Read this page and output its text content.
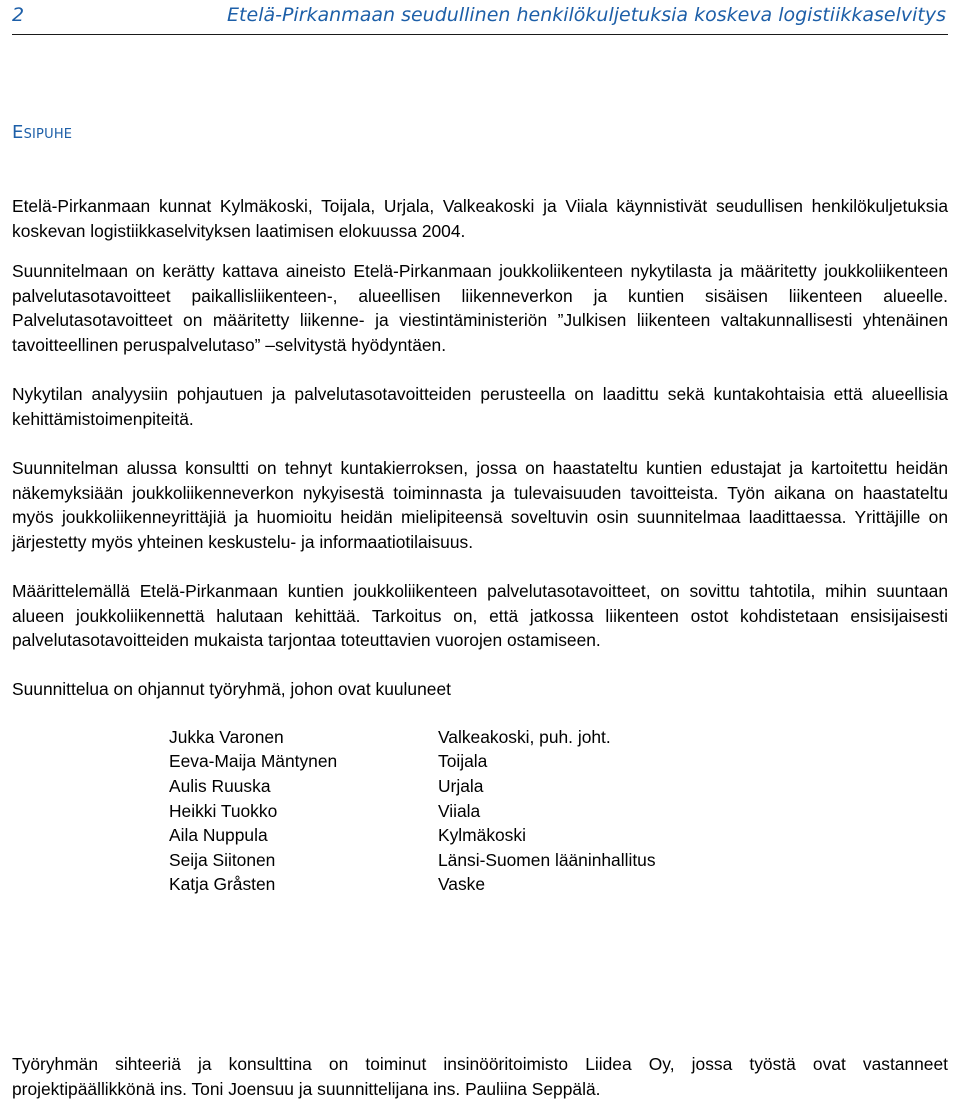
2	Etelä-Pirkanmaan seudullinen henkilökuljetuksia koskeva logistiikkaselvitys
Esipuhe

Etelä-Pirkanmaan kunnat Kylmäkoski, Toijala, Urjala, Valkeakoski ja Viiala käynnistivät seudullisen henkilökuljetuksia koskevan logistiikkaselvityksen laatimisen elokuussa 2004.

Suunnitelmaan on kerätty kattava aineisto Etelä-Pirkanmaan joukkoliikenteen nykytilasta ja määritetty joukkoliikenteen palvelutasotavoitteet paikallisliikenteen-, alueellisen liikenneverkon ja kuntien sisäisen liikenteen alueelle. Palvelutasotavoitteet on määritetty liikenne- ja viestintäministeriön ”Julkisen liikenteen valtakunnallisesti yhtenäinen tavoitteellinen peruspalvelutaso” –selvitystä hyödyntäen.

Nykytilan analyysiin pohjautuen ja palvelutasotavoitteiden perusteella on laadittu sekä kuntakohtaisia että alueellisia kehittämistoimenpiteitä.

Suunnitelman alussa konsultti on tehnyt kuntakierroksen, jossa on haastateltu kuntien edustajat ja kartoitettu heidän näkemyksiään joukkoliikenneverkon nykyisestä toiminnasta ja tulevaisuuden tavoitteista. Työn aikana on haastateltu myös joukkoliikenneyrittäjiä ja huomioitu heidän mielipiteensä soveltuvin osin suunnitelmaa laadittaessa. Yrittäjille on järjestetty myös yhteinen keskustelu- ja informaatiotilaisuus.

Määrittelemällä Etelä-Pirkanmaan kuntien joukkoliikenteen palvelutasotavoitteet, on sovittu tahtotila, mihin suuntaan alueen joukkoliikennettä halutaan kehittää. Tarkoitus on, että jatkossa liikenteen ostot kohdistetaan ensisijaisesti palvelutasotavoitteiden mukaista tarjontaa toteuttavien vuorojen ostamiseen.

Suunnittelua on ohjannut työryhmä, johon ovat kuuluneet

Jukka Varonen	Valkeakoski, puh. joht.
Eeva-Maija Mäntynen	Toijala
Aulis Ruuska	Urjala
Heikki Tuokko	Viiala
Aila Nuppula	Kylmäkoski
Seija Siitonen	Länsi-Suomen lääninhallitus
Katja Gråsten	Vaske

Työryhmän sihteeriä ja konsulttina on toiminut insinööritoimisto Liidea Oy, jossa työstä ovat vastanneet projektipäällikkönä ins. Toni Joensuu ja suunnittelijana ins. Pauliina Seppälä.
